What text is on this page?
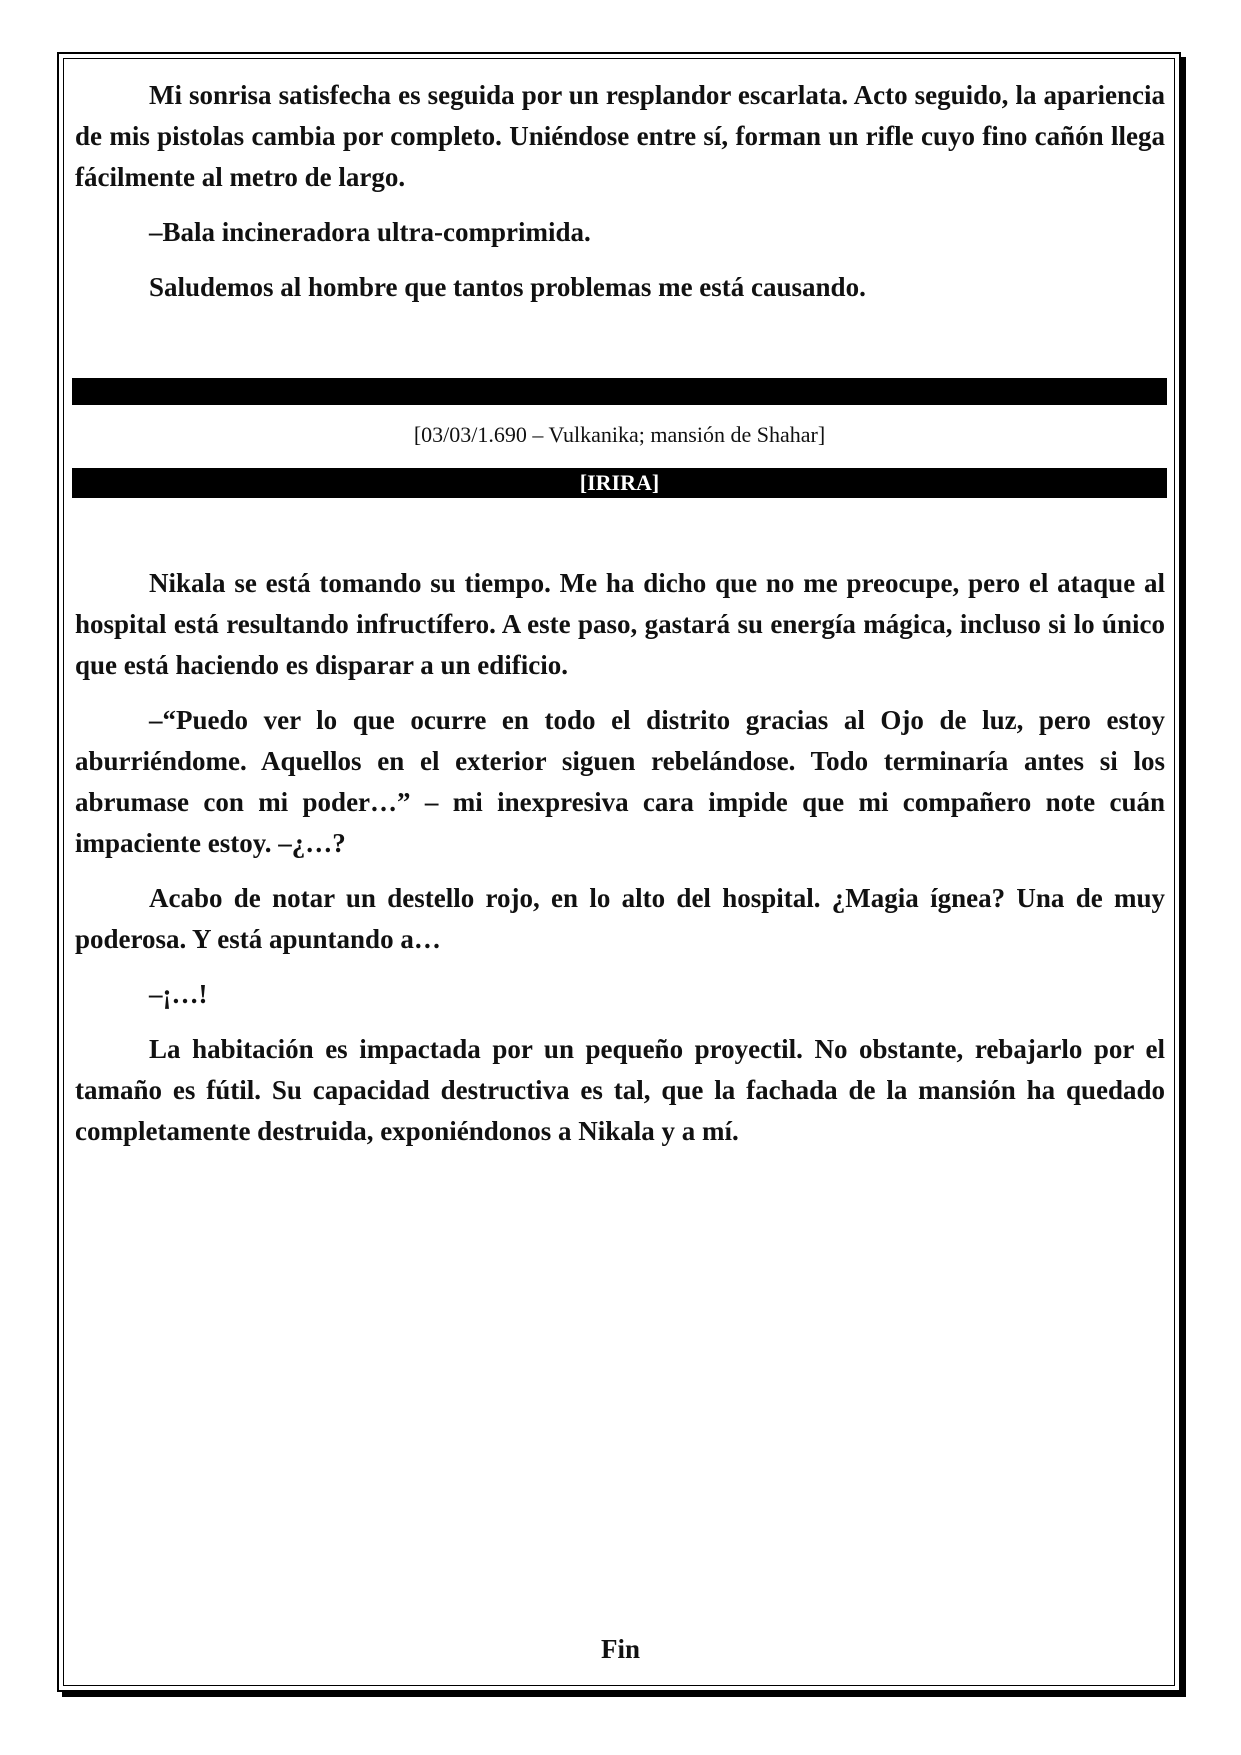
Mi sonrisa satisfecha es seguida por un resplandor escarlata. Acto seguido, la apariencia de mis pistolas cambia por completo. Uniéndose entre sí, forman un rifle cuyo fino cañón llega fácilmente al metro de largo.

–Bala incineradora ultra-comprimida.

Saludemos al hombre que tantos problemas me está causando.

[03/03/1.690 – Vulkanika; mansión de Shahar]
[IRIRA]

Nikala se está tomando su tiempo. Me ha dicho que no me preocupe, pero el ataque al hospital está resultando infructífero. A este paso, gastará su energía mágica, incluso si lo único que está haciendo es disparar a un edificio.

–“Puedo ver lo que ocurre en todo el distrito gracias al Ojo de luz, pero estoy aburriéndome. Aquellos en el exterior siguen rebelándose. Todo terminaría antes si los abrumase con mi poder…” – mi inexpresiva cara impide que mi compañero note cuán impaciente estoy. –¿…?

Acabo de notar un destello rojo, en lo alto del hospital. ¿Magia ígnea? Una de muy poderosa. Y está apuntando a…

–¡…!

La habitación es impactada por un pequeño proyectil. No obstante, rebajarlo por el tamaño es fútil. Su capacidad destructiva es tal, que la fachada de la mansión ha quedado completamente destruida, exponiéndonos a Nikala y a mí.

Fin
